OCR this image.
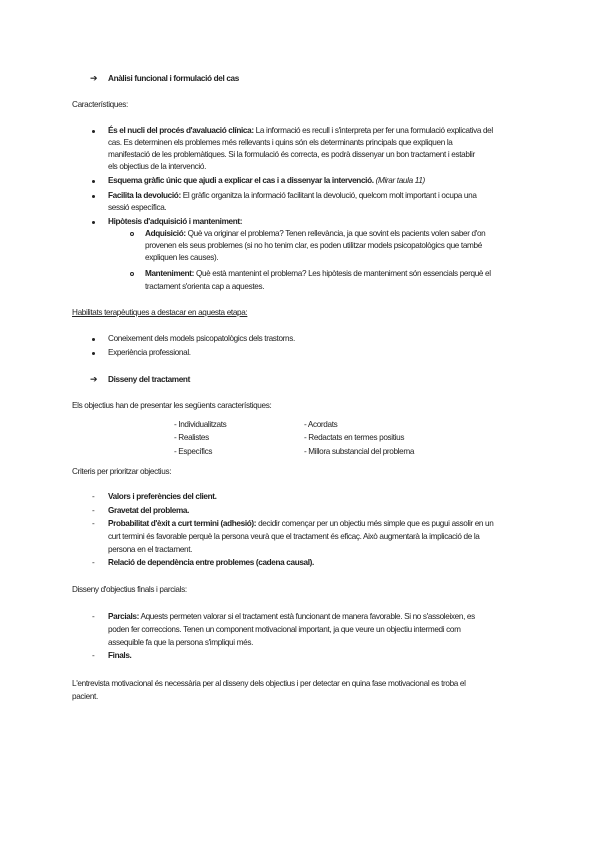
➔ Anàlisi funcional i formulació del cas
Característiques:
És el nucli del procés d'avaluació clínica: La informació es recull i s'interpreta per fer una formulació explicativa del
cas. Es determinen els problemes més rellevants i quins són els determinants principals que expliquen la
manifestació de les problemàtiques. Si la formulació és correcta, es podrà dissenyar un bon tractament i establir
els objectius de la intervenció.
Esquema gràfic únic que ajudi a explicar el cas i a dissenyar la intervenció. (Mirar taula 11)
Facilita la devolució: El gràfic organitza la informació facilitant la devolució, quelcom molt important i ocupa una
sessió específica.
Hipòtesis d'adquisició i manteniment:
Adquisició: Què va originar el problema? Tenen rellevància, ja que sovint els pacients volen saber d'on
provenen els seus problemes (si no ho tenim clar, es poden utilitzar models psicopatològics que també
expliquen les causes).
Manteniment: Què està mantenint el problema? Les hipòtesis de manteniment són essencials perquè el
tractament s'orienta cap a aquestes.
Habilitats terapèutiques a destacar en aquesta etapa:
Coneixement dels models psicopatològics dels trastorns.
Experiència professional.
➔ Disseny del tractament
Els objectius han de presentar les següents característiques:
- Individualitzats
- Realistes
- Específics
- Acordats
- Redactats en termes positius
- Millora substancial del problema
Criteris per prioritzar objectius:
- Valors i preferències del client.
- Gravetat del problema.
- Probabilitat d'èxit a curt termini (adhesió): decidir començar per un objectiu més simple que es pugui assolir en un
curt termini és favorable perquè la persona veurà que el tractament és eficaç. Això augmentarà la implicació de la
persona en el tractament.
- Relació de dependència entre problemes (cadena causal).
Disseny d'objectius finals i parcials:
- Parcials: Aquests permeten valorar si el tractament està funcionant de manera favorable. Si no s'assoleixen, es
poden fer correccions. Tenen un component motivacional important, ja que veure un objectiu intermedi com
assequible fa que la persona s'impliqui més.
- Finals.
L'entrevista motivacional és necessària per al disseny dels objectius i per detectar en quina fase motivacional es troba el
pacient.
